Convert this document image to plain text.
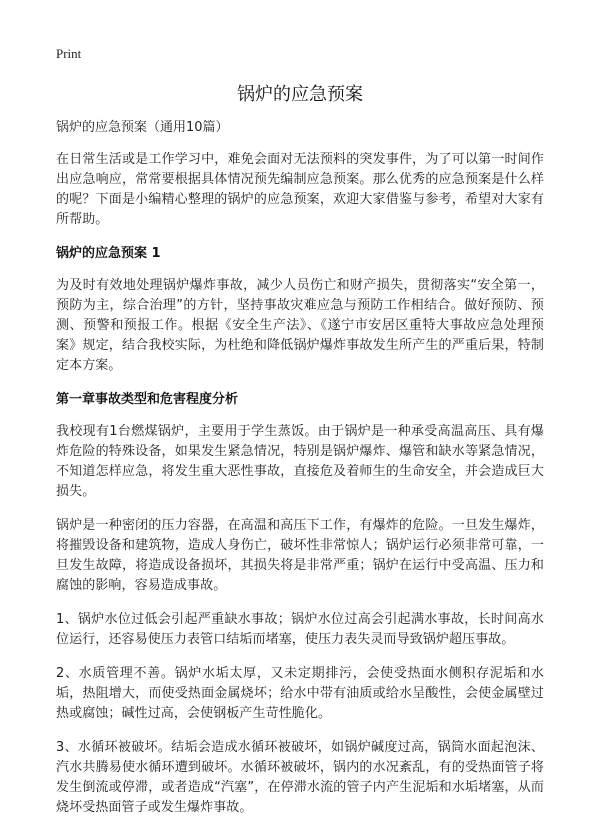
Print
锅炉的应急预案
锅炉的应急预案（通用10篇）

在日常生活或是工作学习中，难免会面对无法预料的突发事件，为了可以第一时间作出应急响应，常常要根据具体情况预先编制应急预案。那么优秀的应急预案是什么样的呢？下面是小编精心整理的锅炉的应急预案，欢迎大家借鉴与参考，希望对大家有所帮助。

锅炉的应急预案 1

为及时有效地处理锅炉爆炸事故，减少人员伤亡和财产损失，贯彻落实“安全第一，预防为主，综合治理”的方针，坚持事故灾难应急与预防工作相结合。做好预防、预测、预警和预报工作。根据《安全生产法》、《遂宁市安居区重特大事故应急处理预案》规定，结合我校实际，为杜绝和降低锅炉爆炸事故发生所产生的严重后果，特制定本方案。

第一章事故类型和危害程度分析

我校现有1台燃煤锅炉，主要用于学生蒸饭。由于锅炉是一种承受高温高压、具有爆炸危险的特殊设备，如果发生紧急情况，特别是锅炉爆炸、爆管和缺水等紧急情况，不知道怎样应急，将发生重大恶性事故，直接危及着师生的生命安全，并会造成巨大损失。

锅炉是一种密闭的压力容器，在高温和高压下工作，有爆炸的危险。一旦发生爆炸，将摧毁设备和建筑物，造成人身伤亡，破坏性非常惊人；锅炉运行必须非常可靠，一旦发生故障，将造成设备损坏，其损失将是非常严重；锅炉在运行中受高温、压力和腐蚀的影响，容易造成事故。

1、锅炉水位过低会引起严重缺水事故；锅炉水位过高会引起满水事故，长时间高水位运行，还容易使压力表管口结垢而堵塞，使压力表失灵而导致锅炉超压事故。

2、水质管理不善。锅炉水垢太厚，又未定期排污，会使受热面水侧积存泥垢和水垢，热阻增大，而使受热面金属烧坏；给水中带有油质或给水呈酸性，会使金属壁过热或腐蚀；碱性过高，会使钢板产生苛性脆化。

3、水循环被破坏。结垢会造成水循环被破坏，如锅炉碱度过高，锅筒水面起泡沫、汽水共腾易使水循环遭到破坏。水循环被破坏，锅内的水况紊乱，有的受热面管子将发生倒流或停滞，或者造成“汽塞”，在停滞水流的管子内产生泥垢和水垢堵塞，从而烧坏受热面管子或发生爆炸事故。
